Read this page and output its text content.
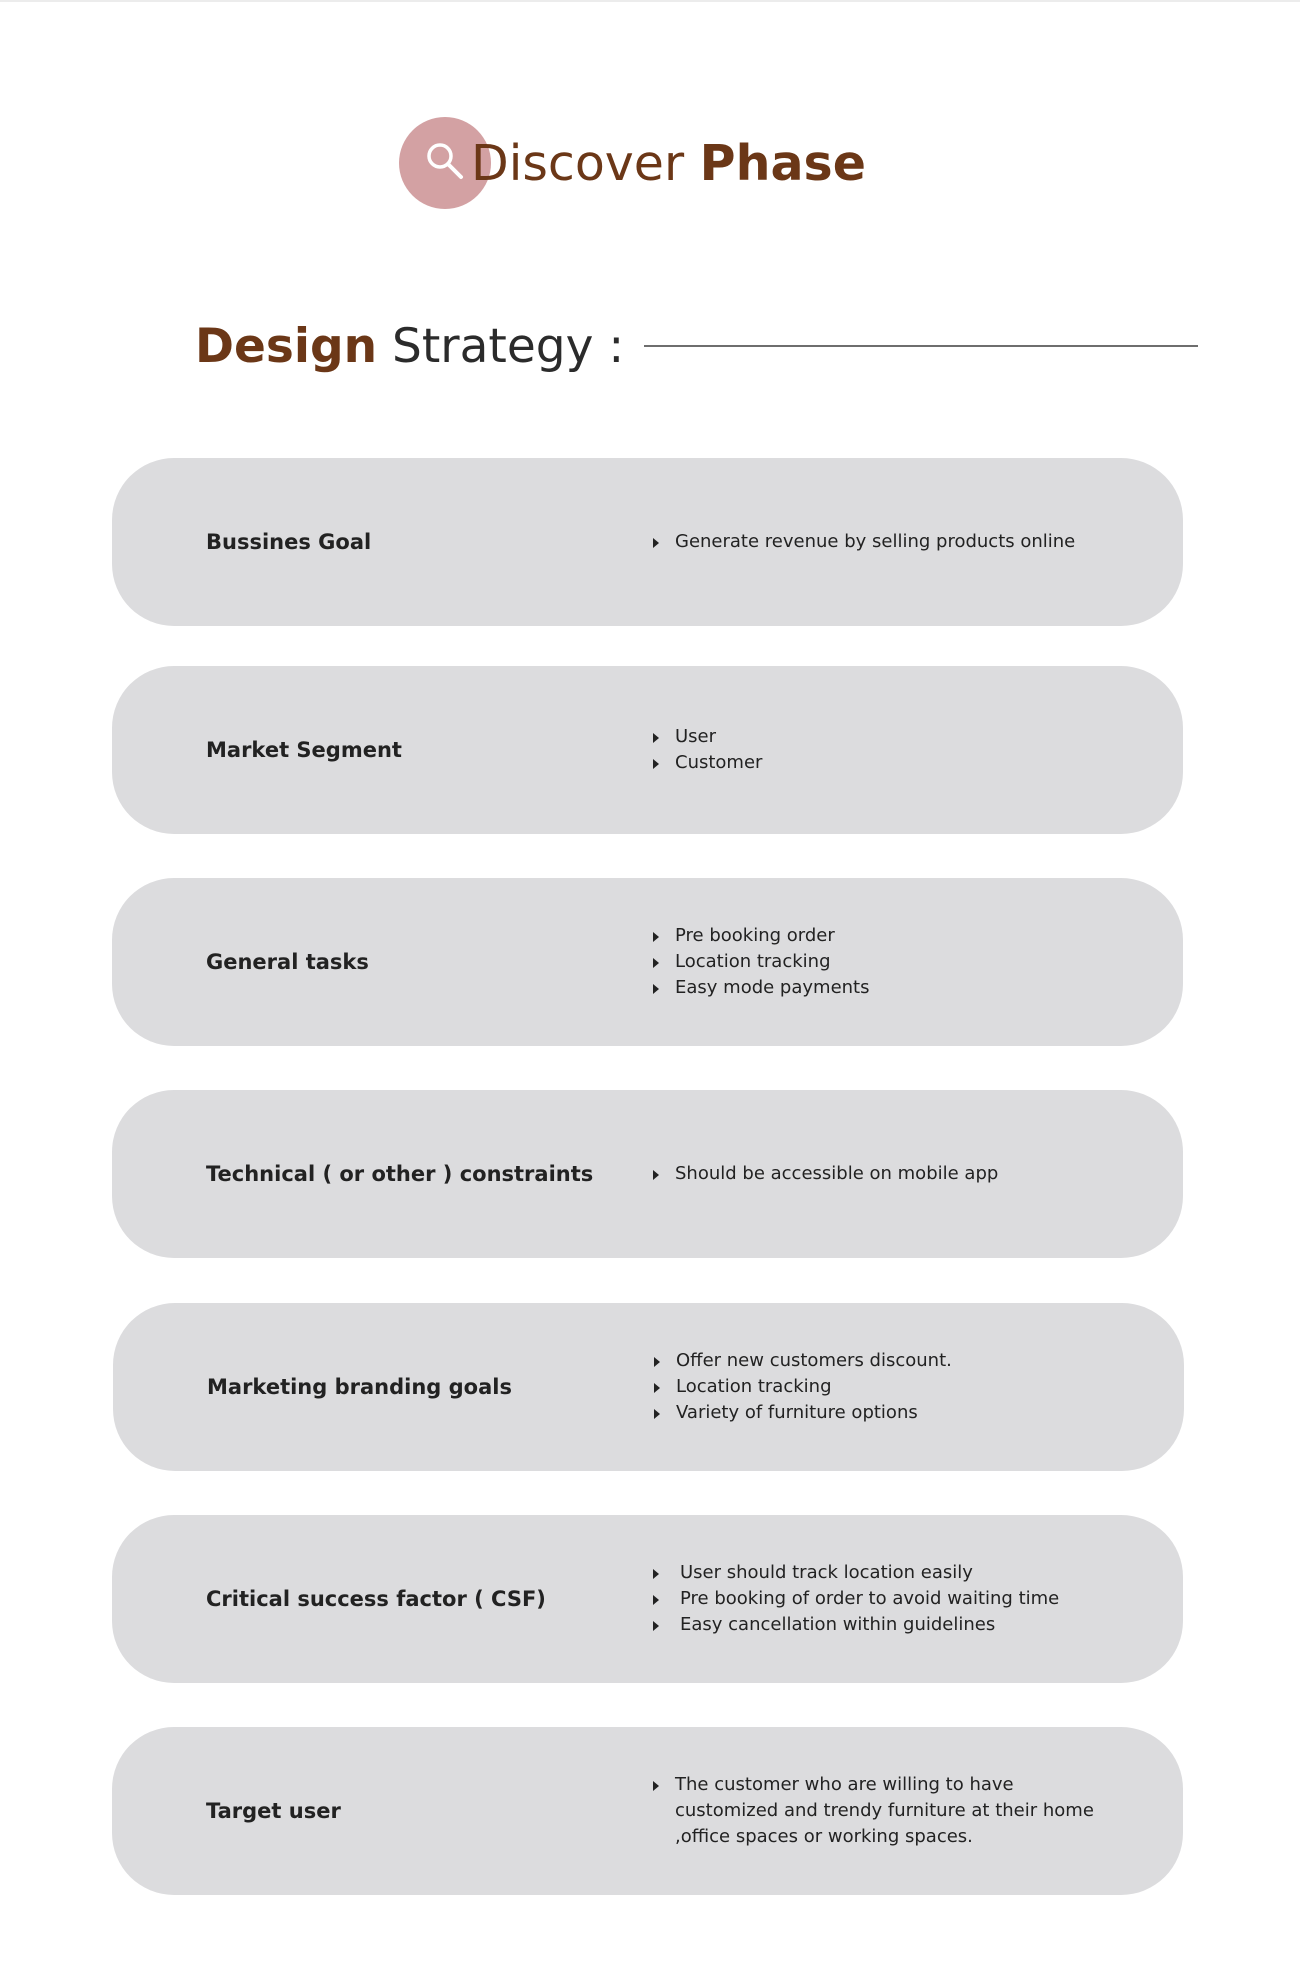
Discover Phase
Design Strategy :
Bussines Goal	Generate revenue by selling products online
Market Segment
User
Customer
General tasks
Pre booking order
Location tracking
Easy mode payments
Technical ( or other ) constraints	Should be accessible on mobile app
Marketing branding goals
Offer new customers discount.
Location tracking
Variety of furniture options
Critical success factor ( CSF)
User should track location easily
Pre booking of order to avoid waiting time
Easy cancellation within guidelines
Target user
The customer who are willing to have customized and trendy furniture at their home ,office spaces or working spaces.
